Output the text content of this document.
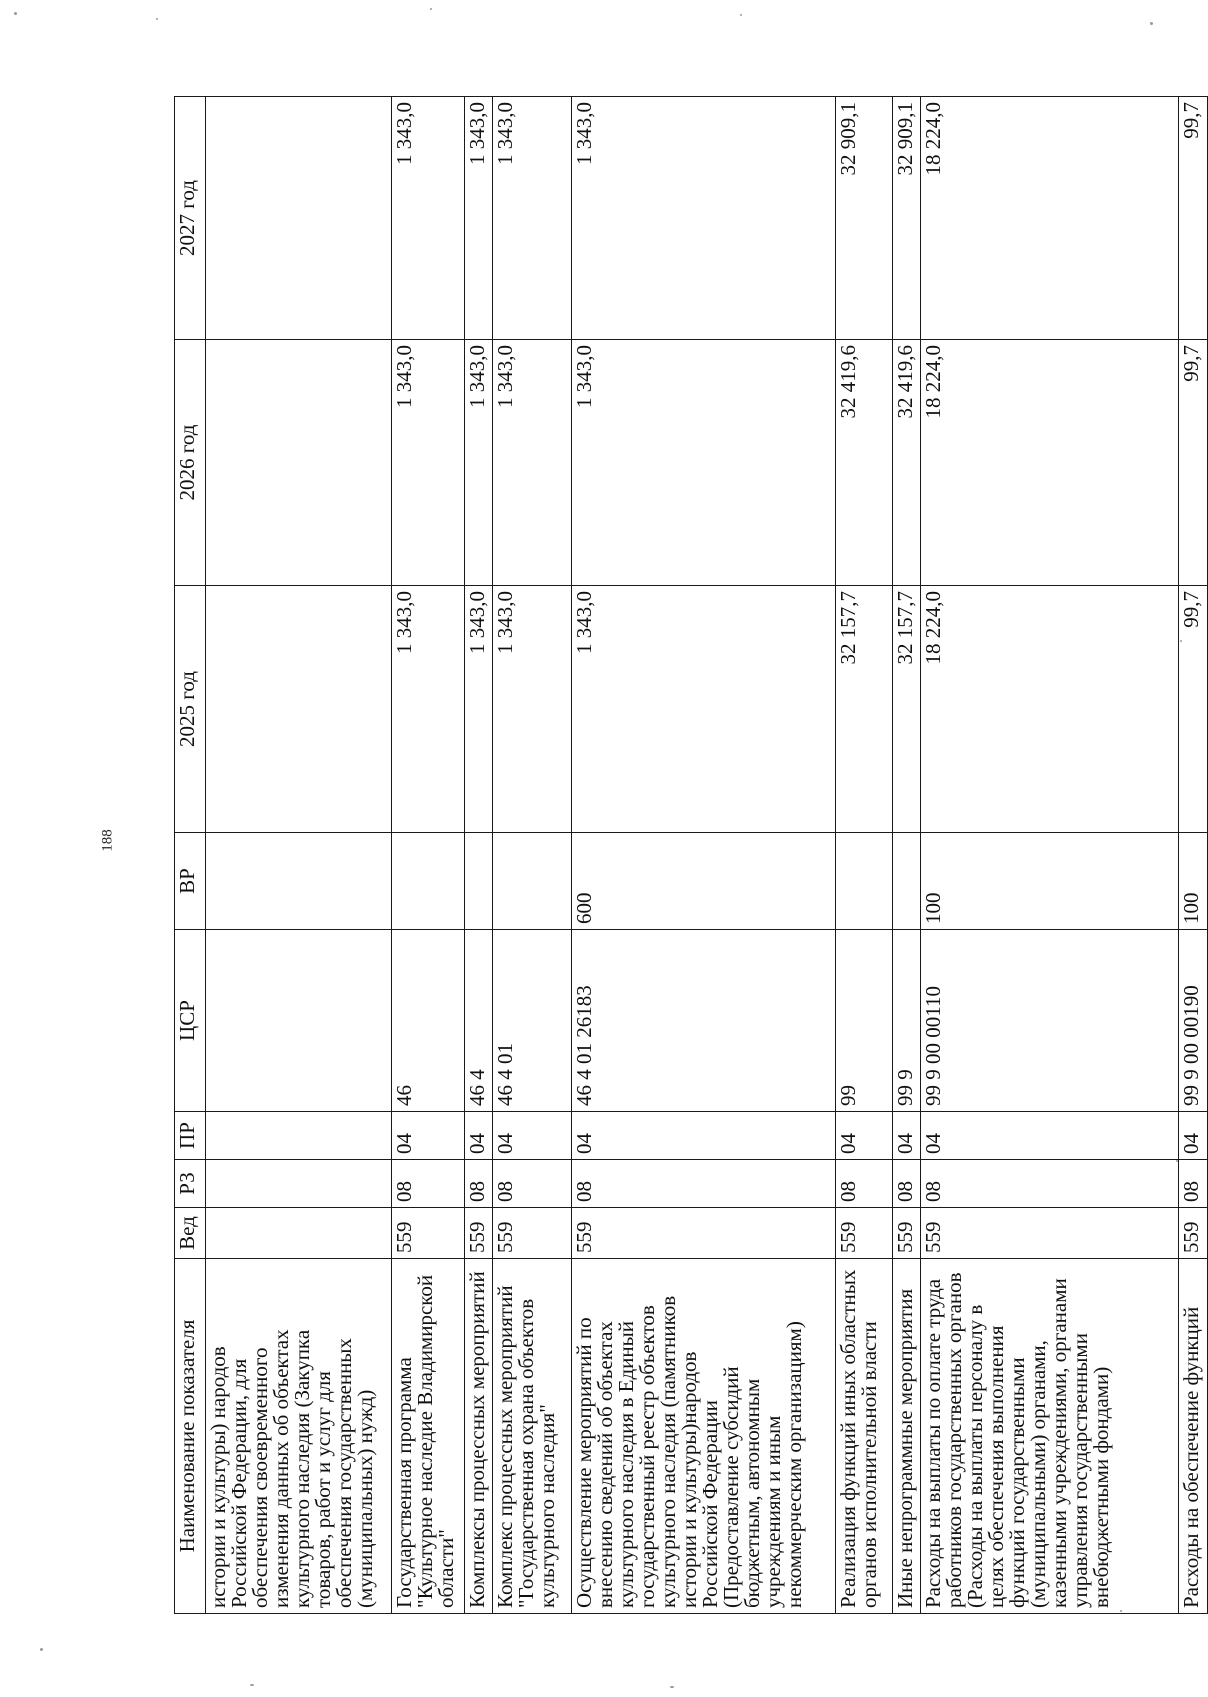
188
Наименование показателя	Вед	РЗ	ПР	ЦСР	ВР	2025 год	2026 год	2027 год
истории и культуры) народов Российской Федерации, для обеспечения своевременного изменения данных об объектах культурного наследия (Закупка товаров, работ и услуг для обеспечения государственных (муниципальных) нужд)								
Государственная программа "Культурное наследие Владимирской области"	559	08	04	46		1 343,0	1 343,0	1 343,0
Комплексы процессных мероприятий	559	08	04	46 4		1 343,0	1 343,0	1 343,0
Комплекс процессных мероприятий "Государственная охрана объектов культурного наследия"	559	08	04	46 4 01		1 343,0	1 343,0	1 343,0
Осуществление мероприятий по внесению сведений об объектах культурного наследия в Единый государственный реестр объектов культурного наследия (памятников истории и культуры)народов Российской Федерации (Предоставление субсидий бюджетным, автономным учреждениям и иным некоммерческим организациям)	559	08	04	46 4 01 26183	600	1 343,0	1 343,0	1 343,0
Реализация функций иных областных органов исполнительной власти	559	08	04	99		32 157,7	32 419,6	32 909,1
Иные непрограммные мероприятия	559	08	04	99 9		32 157,7	32 419,6	32 909,1
Расходы на выплаты по оплате труда работников государственных органов (Расходы на выплаты персоналу в целях обеспечения выполнения функций государственными (муниципальными) органами, казенными учреждениями, органами управления государственными внебюджетными фондами)	559	08	04	99 9 00 00110	100	18 224,0	18 224,0	18 224,0
Расходы на обеспечение функций	559	08	04	99 9 00 00190	100	99,7	99,7	99,7
